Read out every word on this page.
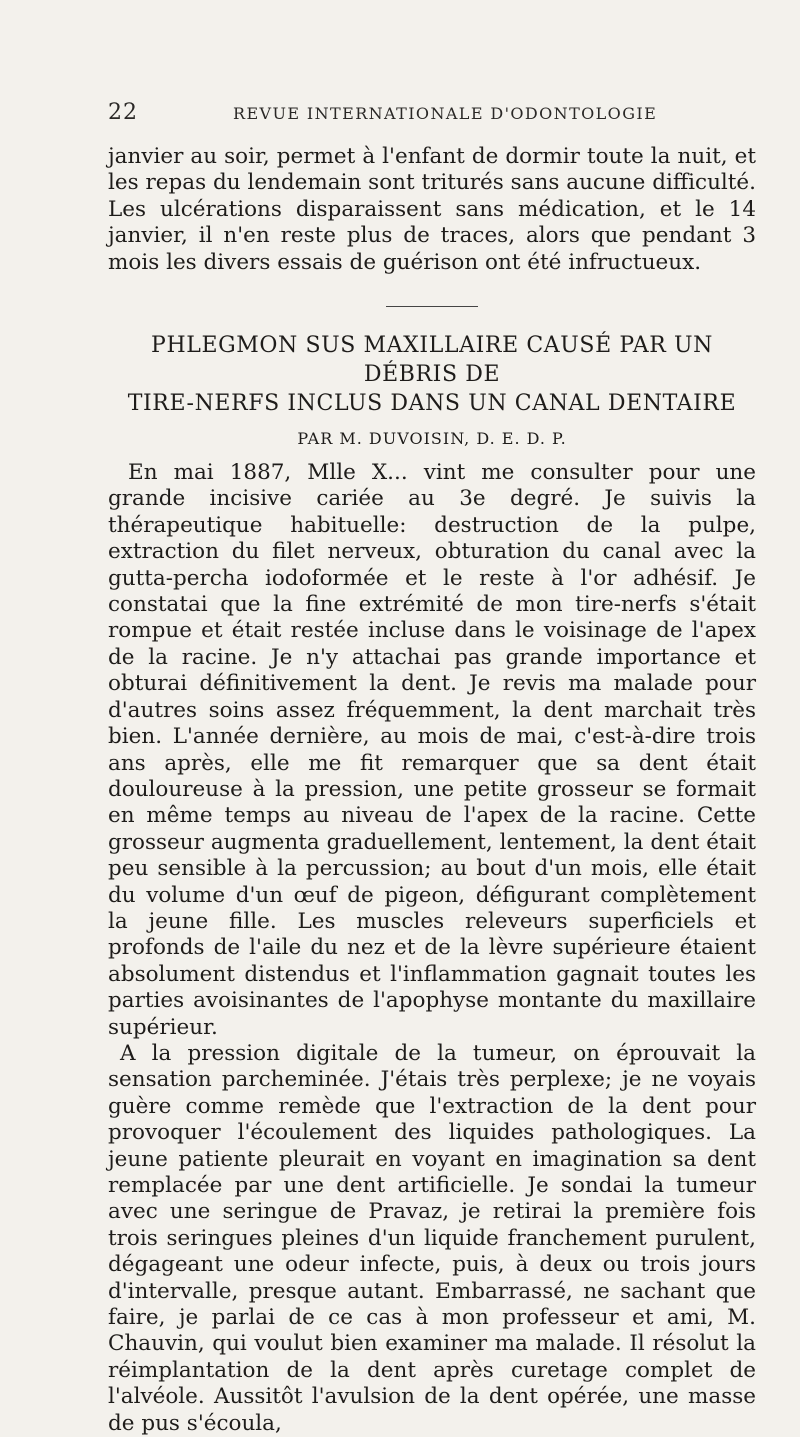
22	REVUE INTERNATIONALE D'ODONTOLOGIE

janvier au soir, permet à l'enfant de dormir toute la nuit, et les repas du lendemain sont triturés sans aucune difficulté. Les ulcérations disparaissent sans médication, et le 14 janvier, il n'en reste plus de traces, alors que pendant 3 mois les divers essais de guérison ont été infructueux.

PHLEGMON SUS MAXILLAIRE CAUSÉ PAR UN DÉBRIS DE
TIRE-NERFS INCLUS DANS UN CANAL DENTAIRE
PAR M. DUVOISIN, D. E. D. P.

En mai 1887, Mlle X... vint me consulter pour une grande incisive cariée au 3e degré. Je suivis la thérapeutique habituelle: destruction de la pulpe, extraction du filet nerveux, obturation du canal avec la gutta-percha iodoformée et le reste à l'or adhésif. Je constatai que la fine extrémité de mon tire-nerfs s'était rompue et était restée incluse dans le voisinage de l'apex de la racine. Je n'y attachai pas grande importance et obturai définitivement la dent. Je revis ma malade pour d'autres soins assez fréquemment, la dent marchait très bien. L'année dernière, au mois de mai, c'est-à-dire trois ans après, elle me fit remarquer que sa dent était douloureuse à la pression, une petite grosseur se formait en même temps au niveau de l'apex de la racine. Cette grosseur augmenta graduellement, lentement, la dent était peu sensible à la percussion; au bout d'un mois, elle était du volume d'un œuf de pigeon, défigurant complètement la jeune fille. Les muscles releveurs superficiels et profonds de l'aile du nez et de la lèvre supérieure étaient absolument distendus et l'inflammation gagnait toutes les parties avoisinantes de l'apophyse montante du maxillaire supérieur.

A la pression digitale de la tumeur, on éprouvait la sensation parcheminée. J'étais très perplexe; je ne voyais guère comme remède que l'extraction de la dent pour provoquer l'écoulement des liquides pathologiques. La jeune patiente pleurait en voyant en imagination sa dent remplacée par une dent artificielle. Je sondai la tumeur avec une seringue de Pravaz, je retirai la première fois trois seringues pleines d'un liquide franchement purulent, dégageant une odeur infecte, puis, à deux ou trois jours d'intervalle, presque autant. Embarrassé, ne sachant que faire, je parlai de ce cas à mon professeur et ami, M. Chauvin, qui voulut bien examiner ma malade. Il résolut la réimplantation de la dent après curetage complet de l'alvéole. Aussitôt l'avulsion de la dent opérée, une masse de pus s'écoula,
